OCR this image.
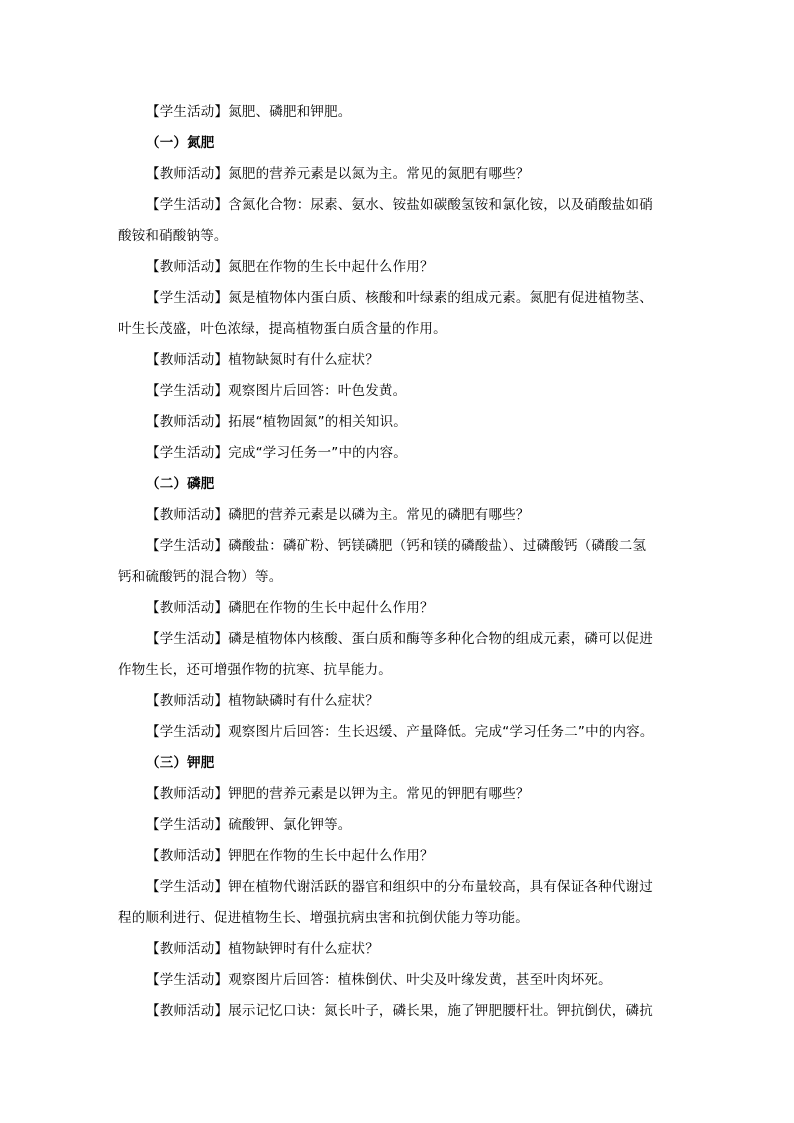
【学生活动】氮肥、磷肥和钾肥。
（一）氮肥
【教师活动】氮肥的营养元素是以氮为主。常见的氮肥有哪些？
【学生活动】含氮化合物：尿素、氨水、铵盐如碳酸氢铵和氯化铵，以及硝酸盐如硝
酸铵和硝酸钠等。
【教师活动】氮肥在作物的生长中起什么作用？
【学生活动】氮是植物体内蛋白质、核酸和叶绿素的组成元素。氮肥有促进植物茎、
叶生长茂盛，叶色浓绿，提高植物蛋白质含量的作用。
【教师活动】植物缺氮时有什么症状？
【学生活动】观察图片后回答：叶色发黄。
【教师活动】拓展“植物固氮”的相关知识。
【学生活动】完成“学习任务一”中的内容。
（二）磷肥
【教师活动】磷肥的营养元素是以磷为主。常见的磷肥有哪些？
【学生活动】磷酸盐：磷矿粉、钙镁磷肥（钙和镁的磷酸盐）、过磷酸钙（磷酸二氢
钙和硫酸钙的混合物）等。
【教师活动】磷肥在作物的生长中起什么作用？
【学生活动】磷是植物体内核酸、蛋白质和酶等多种化合物的组成元素，磷可以促进
作物生长，还可增强作物的抗寒、抗旱能力。
【教师活动】植物缺磷时有什么症状？
【学生活动】观察图片后回答：生长迟缓、产量降低。完成“学习任务二”中的内容。
（三）钾肥
【教师活动】钾肥的营养元素是以钾为主。常见的钾肥有哪些？
【学生活动】硫酸钾、氯化钾等。
【教师活动】钾肥在作物的生长中起什么作用？
【学生活动】钾在植物代谢活跃的器官和组织中的分布量较高，具有保证各种代谢过
程的顺利进行、促进植物生长、增强抗病虫害和抗倒伏能力等功能。
【教师活动】植物缺钾时有什么症状？
【学生活动】观察图片后回答：植株倒伏、叶尖及叶缘发黄，甚至叶肉坏死。
【教师活动】展示记忆口诀：氮长叶子，磷长果，施了钾肥腰杆壮。钾抗倒伏，磷抗
